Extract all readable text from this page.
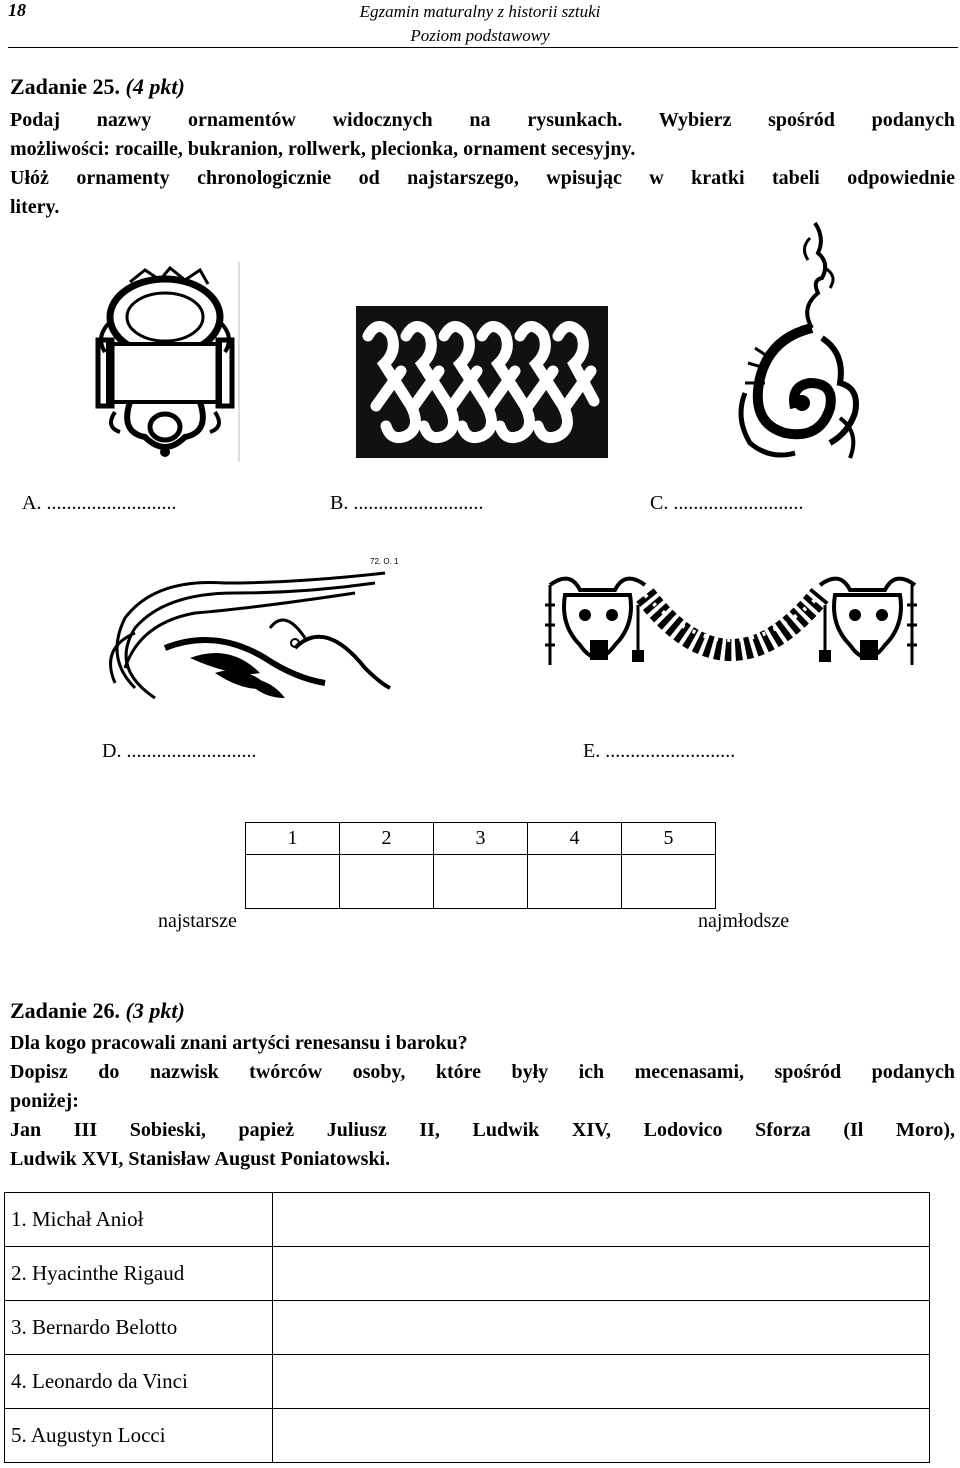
18	Egzamin maturalny z historii sztuki
Poziom podstawowy
Zadanie 25. (4 pkt)
Podaj nazwy ornamentów widocznych na rysunkach. Wybierz spośród podanych
możliwości: rocaille, bukranion, rollwerk, plecionka, ornament secesyjny.
Ułóż ornamenty chronologicznie od najstarszego, wpisując w kratki tabeli odpowiednie
litery.
A. ..........................	B. ..........................	C. ..........................
72. O. 1
D. ..........................	E. ..........................
1	2	3	4	5

najstarsze	najmłodsze
Zadanie 26. (3 pkt)
Dla kogo pracowali znani artyści renesansu i baroku?
Dopisz do nazwisk twórców osoby, które były ich mecenasami, spośród podanych
poniżej:
Jan III Sobieski, papież Juliusz II, Ludwik XIV, Lodovico Sforza (Il Moro),
Ludwik XVI, Stanisław August Poniatowski.
1. Michał Anioł	
2. Hyacinthe Rigaud	
3. Bernardo Belotto	
4. Leonardo da Vinci	
5. Augustyn Locci	
